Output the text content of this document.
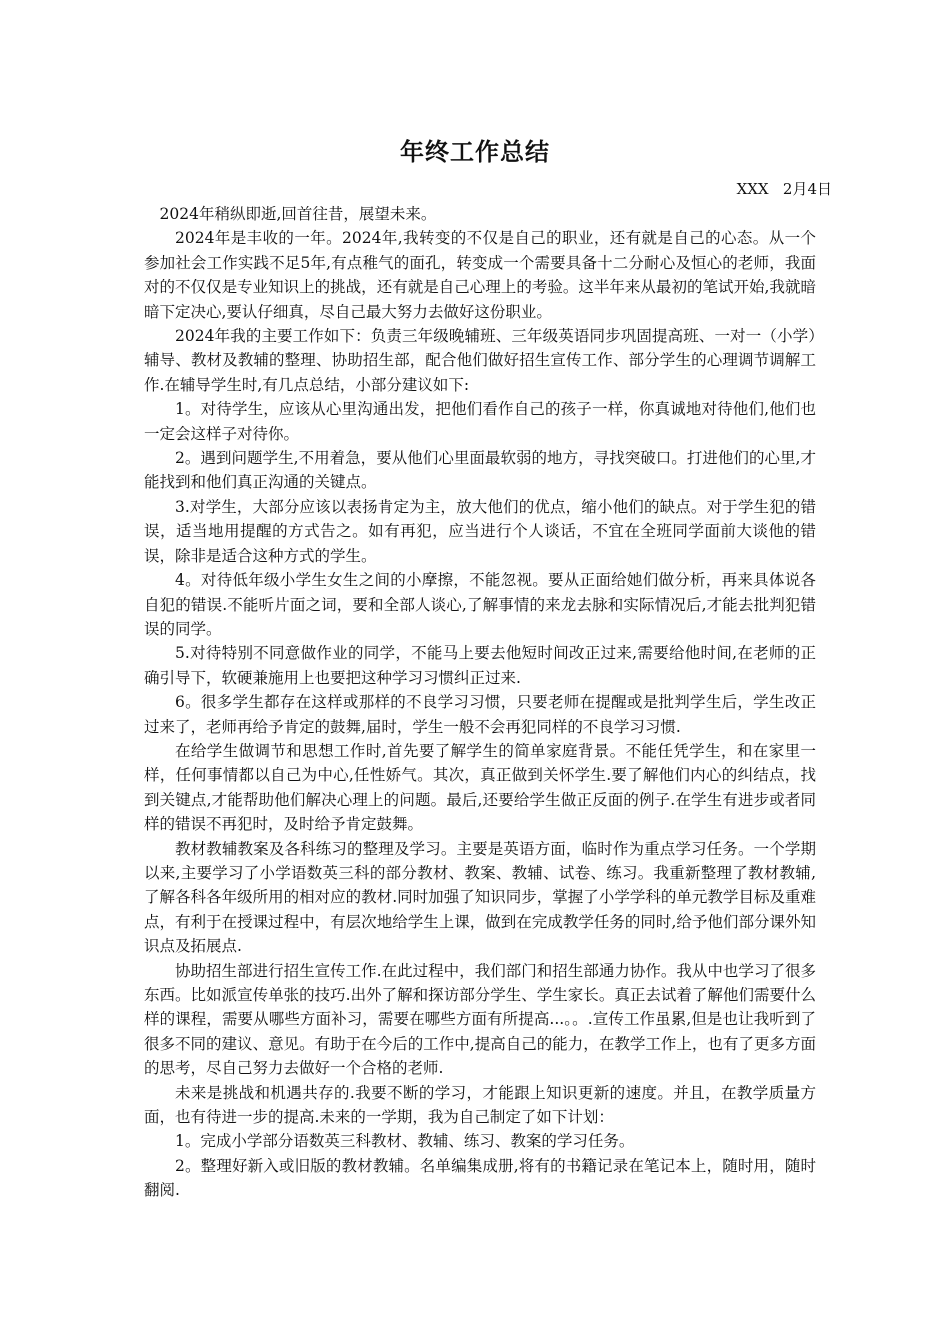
年终工作总结
XXX   2月4日

2024年稍纵即逝,回首往昔，展望未来。

2024年是丰收的一年。2024年,我转变的不仅是自己的职业，还有就是自己的心态。从一个参加社会工作实践不足5年,有点稚气的面孔，转变成一个需要具备十二分耐心及恒心的老师，我面对的不仅仅是专业知识上的挑战，还有就是自己心理上的考验。这半年来从最初的笔试开始,我就暗暗下定决心,要认仔细真，尽自己最大努力去做好这份职业。

2024年我的主要工作如下：负责三年级晚辅班、三年级英语同步巩固提高班、一对一（小学）辅导、教材及教辅的整理、协助招生部，配合他们做好招生宣传工作、部分学生的心理调节调解工作.在辅导学生时,有几点总结，小部分建议如下:

1。对待学生，应该从心里沟通出发，把他们看作自己的孩子一样，你真诚地对待他们,他们也一定会这样子对待你。

2。遇到问题学生,不用着急，要从他们心里面最软弱的地方，寻找突破口。打进他们的心里,才能找到和他们真正沟通的关键点。

3.对学生，大部分应该以表扬肯定为主，放大他们的优点，缩小他们的缺点。对于学生犯的错误，适当地用提醒的方式告之。如有再犯，应当进行个人谈话，不宜在全班同学面前大谈他的错误，除非是适合这种方式的学生。

4。对待低年级小学生女生之间的小摩擦，不能忽视。要从正面给她们做分析，再来具体说各自犯的错误.不能听片面之词，要和全部人谈心,了解事情的来龙去脉和实际情况后,才能去批判犯错误的同学。

5.对待特别不同意做作业的同学，不能马上要去他短时间改正过来,需要给他时间,在老师的正确引导下，软硬兼施用上也要把这种学习习惯纠正过来.

6。很多学生都存在这样或那样的不良学习习惯，只要老师在提醒或是批判学生后，学生改正过来了，老师再给予肯定的鼓舞,届时，学生一般不会再犯同样的不良学习习惯.

在给学生做调节和思想工作时,首先要了解学生的简单家庭背景。不能任凭学生，和在家里一样，任何事情都以自己为中心,任性娇气。其次，真正做到关怀学生.要了解他们内心的纠结点，找到关键点,才能帮助他们解决心理上的问题。最后,还要给学生做正反面的例子.在学生有进步或者同样的错误不再犯时，及时给予肯定鼓舞。

教材教辅教案及各科练习的整理及学习。主要是英语方面，临时作为重点学习任务。一个学期以来,主要学习了小学语数英三科的部分教材、教案、教辅、试卷、练习。我重新整理了教材教辅,了解各科各年级所用的相对应的教材.同时加强了知识同步，掌握了小学学科的单元教学目标及重难点，有利于在授课过程中，有层次地给学生上课，做到在完成教学任务的同时,给予他们部分课外知识点及拓展点.

协助招生部进行招生宣传工作.在此过程中，我们部门和招生部通力协作。我从中也学习了很多东西。比如派宣传单张的技巧.出外了解和探访部分学生、学生家长。真正去试着了解他们需要什么样的课程，需要从哪些方面补习，需要在哪些方面有所提高...。。.宣传工作虽累,但是也让我听到了很多不同的建议、意见。有助于在今后的工作中,提高自己的能力，在教学工作上，也有了更多方面的思考，尽自己努力去做好一个合格的老师.

未来是挑战和机遇共存的.我要不断的学习，才能跟上知识更新的速度。并且，在教学质量方面，也有待进一步的提高.未来的一学期，我为自己制定了如下计划：

1。完成小学部分语数英三科教材、教辅、练习、教案的学习任务。

2。整理好新入或旧版的教材教辅。名单编集成册,将有的书籍记录在笔记本上，随时用，随时翻阅.
